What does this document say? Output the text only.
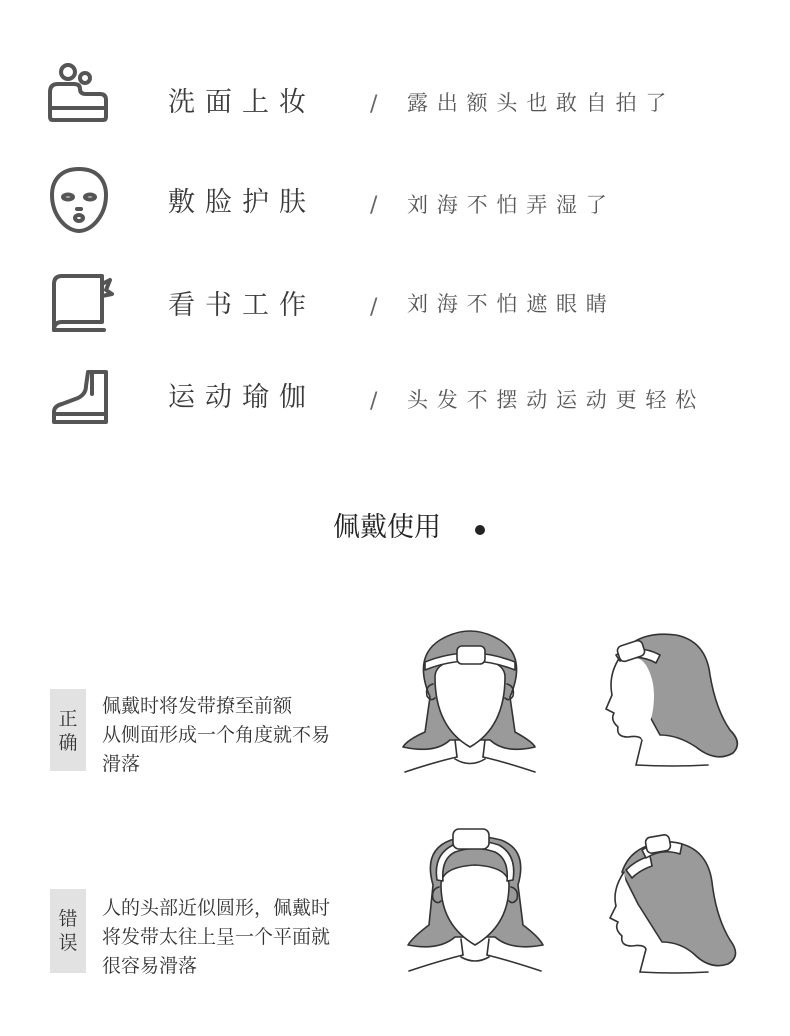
洗面上妆 / 露出额头也敢自拍了
敷脸护肤 / 刘海不怕弄湿了
看书工作 / 刘海不怕遮眼睛
运动瑜伽 / 头发不摆动运动更轻松
佩戴使用
正
确
佩戴时将发带撩至前额
从侧面形成一个角度就不易
滑落
错
误
人的头部近似圆形，佩戴时
将发带太往上呈一个平面就
很容易滑落
